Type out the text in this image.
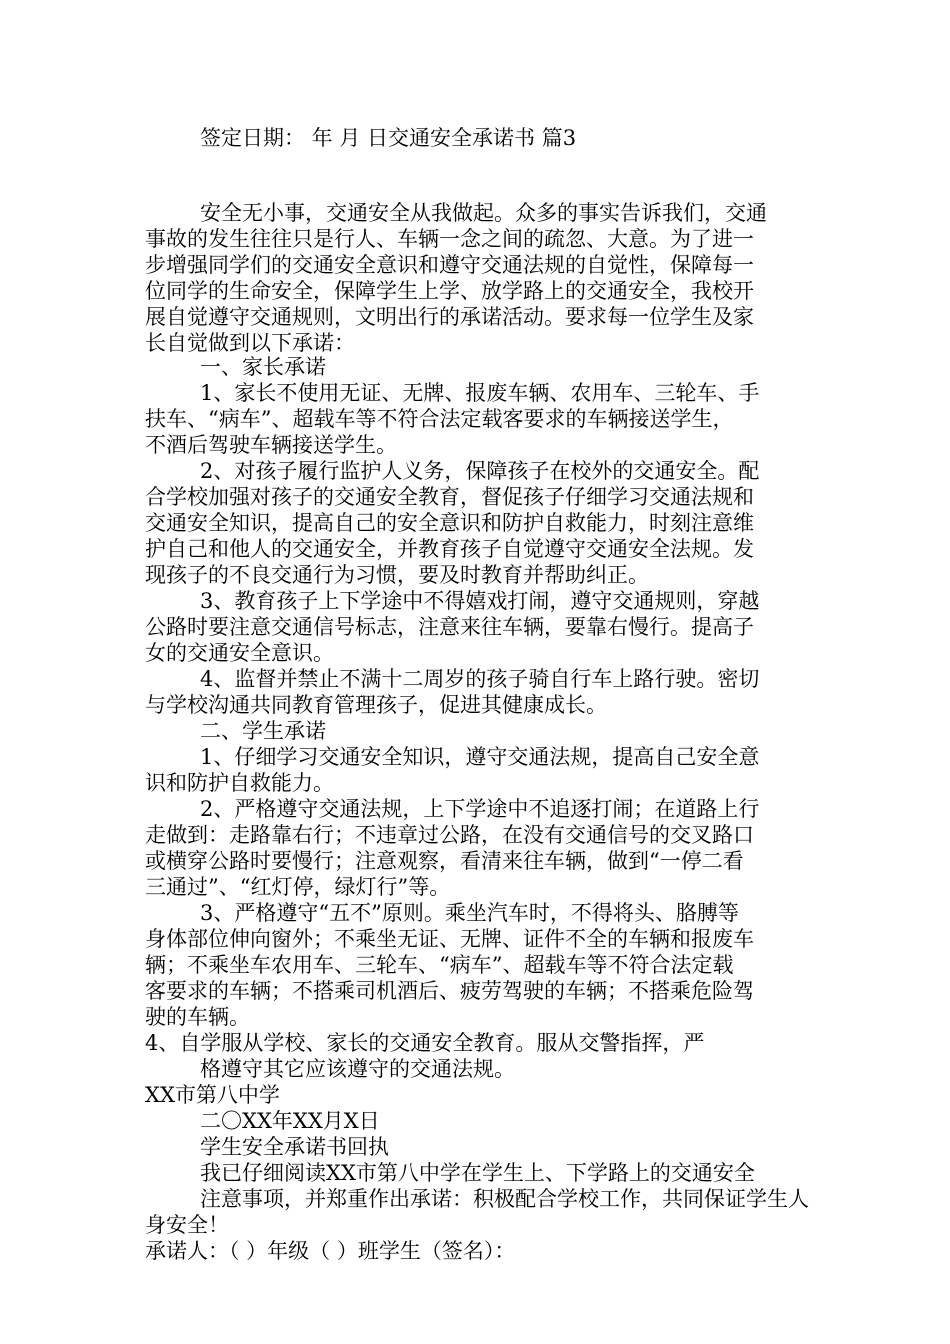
签定日期： 年 月 日交通安全承诺书 篇3
安全无小事，交通安全从我做起。众多的事实告诉我们，交通
事故的发生往往只是行人、车辆一念之间的疏忽、大意。为了进一
步增强同学们的交通安全意识和遵守交通法规的自觉性，保障每一
位同学的生命安全，保障学生上学、放学路上的交通安全，我校开
展自觉遵守交通规则，文明出行的承诺活动。要求每一位学生及家
长自觉做到以下承诺：
一、家长承诺
1、家长不使用无证、无牌、报废车辆、农用车、三轮车、手
扶车、“病车”、超载车等不符合法定载客要求的车辆接送学生，
不酒后驾驶车辆接送学生。
2、对孩子履行监护人义务，保障孩子在校外的交通安全。配
合学校加强对孩子的交通安全教育，督促孩子仔细学习交通法规和
交通安全知识，提高自己的安全意识和防护自救能力，时刻注意维
护自己和他人的交通安全，并教育孩子自觉遵守交通安全法规。发
现孩子的不良交通行为习惯，要及时教育并帮助纠正。
3、教育孩子上下学途中不得嬉戏打闹，遵守交通规则，穿越
公路时要注意交通信号标志，注意来往车辆，要靠右慢行。提高子
女的交通安全意识。
4、监督并禁止不满十二周岁的孩子骑自行车上路行驶。密切
与学校沟通共同教育管理孩子，促进其健康成长。
二、学生承诺
1、仔细学习交通安全知识，遵守交通法规，提高自己安全意
识和防护自救能力。
2、严格遵守交通法规，上下学途中不追逐打闹；在道路上行
走做到：走路靠右行；不违章过公路，在没有交通信号的交叉路口
或横穿公路时要慢行；注意观察，看清来往车辆，做到“一停二看
三通过”、“红灯停，绿灯行”等。
3、严格遵守“五不”原则。乘坐汽车时，不得将头、胳膊等
身体部位伸向窗外；不乘坐无证、无牌、证件不全的车辆和报废车
辆；不乘坐车农用车、三轮车、“病车”、超载车等不符合法定载
客要求的车辆；不搭乘司机酒后、疲劳驾驶的车辆；不搭乘危险驾
驶的车辆。
4、自学服从学校、家长的交通安全教育。服从交警指挥，严
格遵守其它应该遵守的交通法规。
XX市第八中学
二〇XX年XX月X日
学生安全承诺书回执
我已仔细阅读XX市第八中学在学生上、下学路上的交通安全
注意事项，并郑重作出承诺：积极配合学校工作，共同保证学生人
身安全！
承诺人：（ ）年级（ ）班学生（签名）：
